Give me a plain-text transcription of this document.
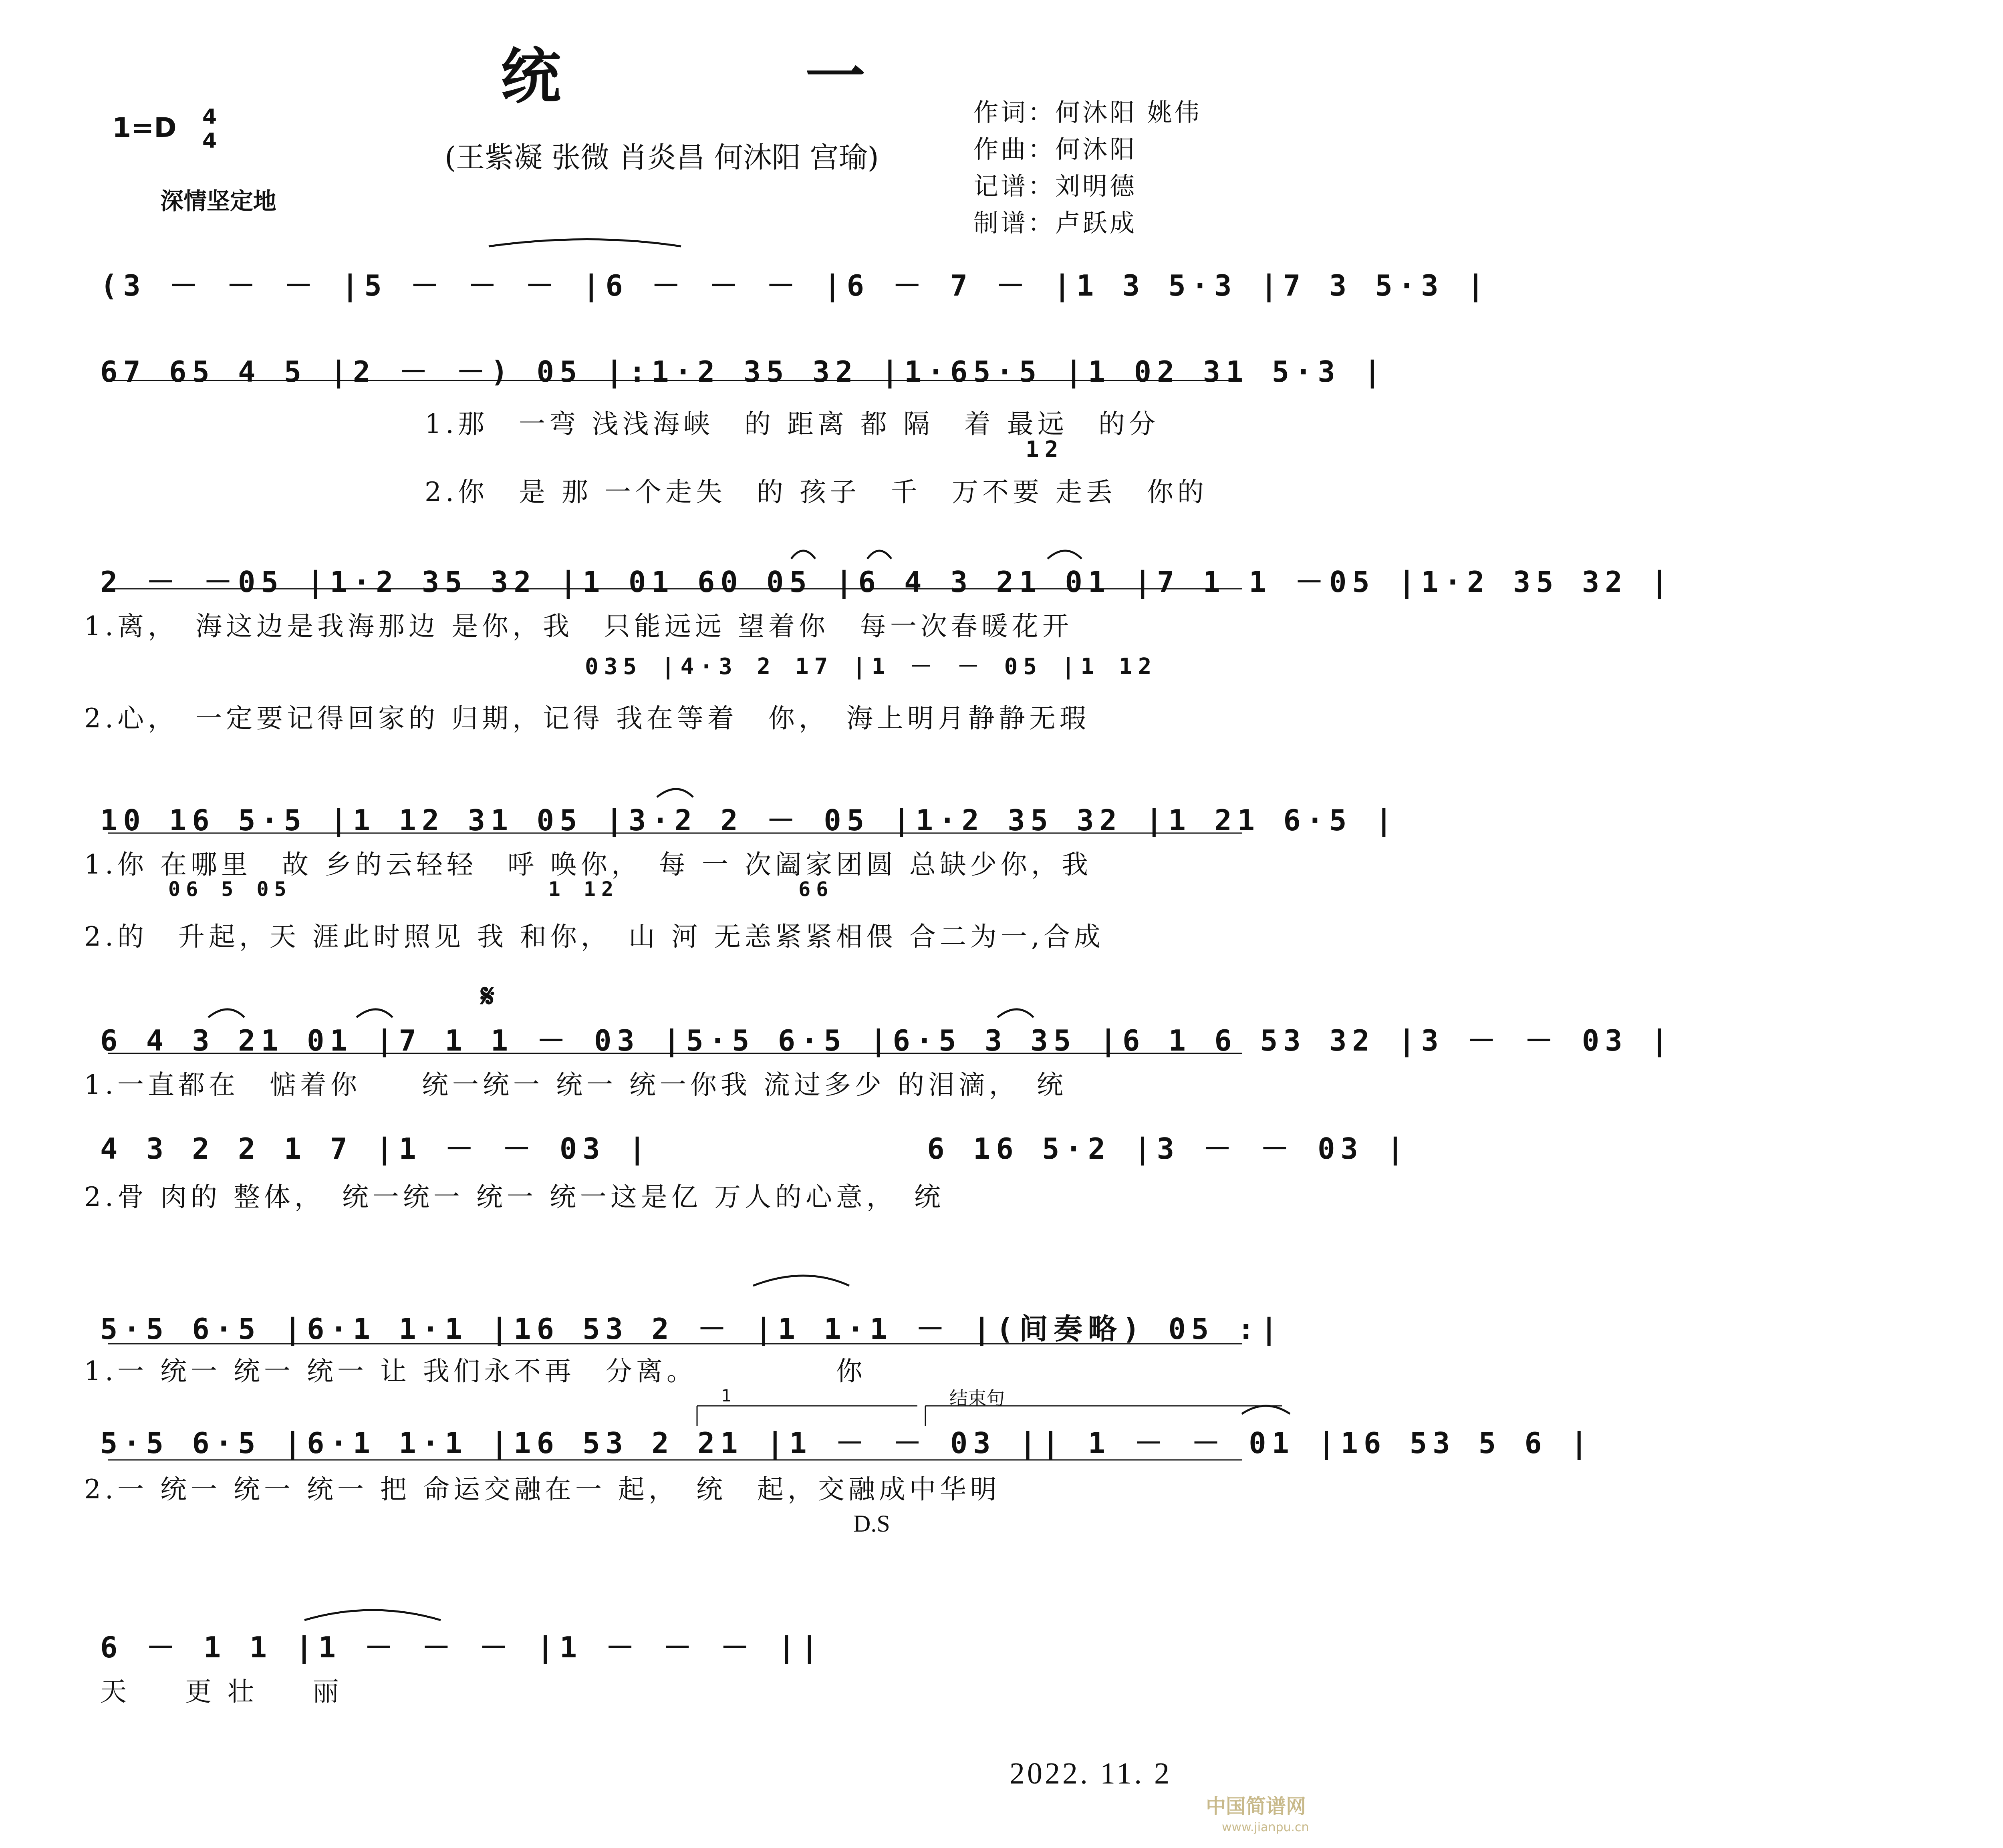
统　一
1=D 4
4	(王紫凝 张微 肖炎昌 何沐阳 宫瑜)
深情坚定地
作词：何沐阳 姚伟
作曲：何沐阳
记谱：刘明德
制谱：卢跃成
(3 － － － |5 － － － |6 － － － |6 － 7 － |1 3 5·3 |7 3 5·3 |
67 65 4 5 |2 － －) 05 |:1·2 35 32 |1·65·5 |1 02 31 5·3 |
1.那　一弯 浅浅海峡　的 距离 都 隔　着 最远　的分
12
2.你　是 那 一个走失　的 孩子　千　万不要 走丢　你的
2 － －05 |1·2 35 32 |1 01 60 05 |6 4 3 21 01 |7 1 1 －05 |1·2 35 32 |
1.离，　海这边是我海那边 是你，我　只能远远 望着你　每一次春暖花开
035 |4·3 2 17 |1 － － 05 |1 12
2.心，　一定要记得回家的 归期，记得 我在等着　你，　海上明月静静无瑕
10 16 5·5 |1 12 31 05 |3·2 2 － 05 |1·2 35 32 |1 21 6·5 |
1.你 在哪里　故 乡的云轻轻　呼 唤你，　每 一 次阖家团圆 总缺少你，我
06 5 05　　　　　　　　　　1 12　　　　　　　66
2.的　升起，天 涯此时照见 我 和你，　山 河 无恙紧紧相偎 合二为一,合成
𝄋
6 4 3 21 01 |7 1 1 － 03 |5·5 6·5 |6·5 3 35 |6 1 6 53 32 |3 － － 03 |
1.一直都在　惦着你　　统一统一 统一 统一你我 流过多少 的泪滴，　统
4 3 2 2 1 7 |1 － － 03 |　　　　　　　　6 16 5·2 |3 － － 03 |
2.骨 肉的 整体，　统一统一 统一 统一这是亿 万人的心意，　统
5·5 6·5 |6·1 1·1 |16 53 2 － |1 1·1 － |(间奏略) 05 :|
1.一 统一 统一 统一 让 我们永不再　分离。　　　　　你
1	结束句
5·5 6·5 |6·1 1·1 |16 53 2 21 |1 － － 03 || 1 － － 01 |16 53 5 6 |
2.一 统一 统一 统一 把 命运交融在一 起，　统　起，交融成中华明
D.S
6 － 1 1 |1 － － － |1 － － － ||
天　更壮　丽
2022. 11. 2
中国简谱网
www.jianpu.cn
